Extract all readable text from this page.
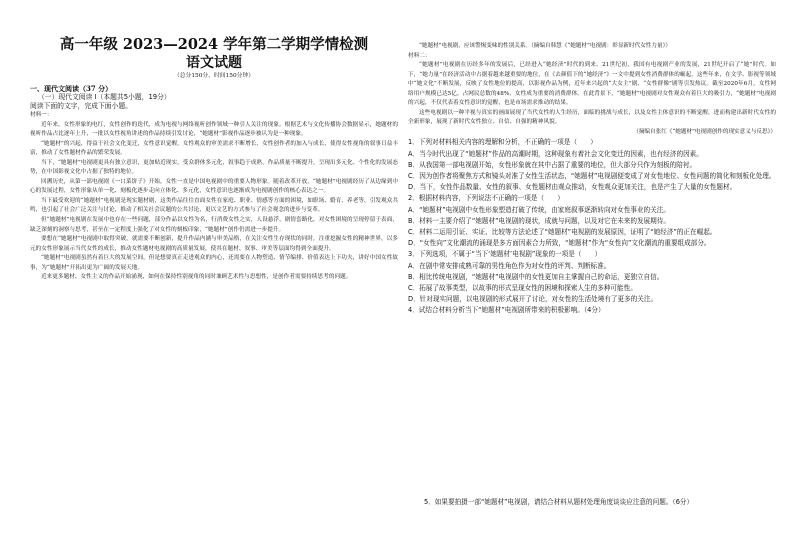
高一年级 2023—2024 学年第二学期学情检测

语文试题

（总分150分，时间150分钟）

一、现代文阅读（37 分）

（一）现代文阅读 I（本题共5小题，19分）

阅读下面的文字，完成下面小题。

材料一：

近年来，女性形象的电红，女性创作的迭代，成为电视与网络视听创作领域一种引人关注的现象。根据艺术与文化传播协会数据显示，她题材的视听作品占比逐年上升，一批以女性视角讲述的作品持续引发讨论，“她题材”影视作品逐步被认为是一种现象。

“她题材”的兴起，得益于社会文化变迁，女性意识觉醒，女性观众的审美需求不断增长，女性创作者的加入与成长，使得女性视角的叙事日益丰富，推动了女性题材作品的繁荣发展。

当下，“她题材”电视剧更具有独立意识，更加贴近现实，受众群体多元化，叙事趋于成熟，作品质量不断提升，呈现出多元化、个性化的发展态势，在中国影视文化中占据了独特的地位。

回溯历史，从第一部电视剧《一口菜饼子》开始，女性一直是中国电视剧中的重要人物形象。随着改革开放，“她题材”电视剧经历了从边缘到中心的发展过程，女性形象从单一化、刻板化逐步走向立体化、多元化，女性意识也逐渐成为电视剧创作的核心表达之一。

当下最受欢迎的“她题材”电视剧是现实题材剧，这类作品往往直面女性在家庭、职业、情感等方面的困境，如职场、婚育、养老等，引发观众共鸣，也引起了社会广泛关注与讨论，推动了相关社会议题的公共讨论，更以文艺的方式参与了社会观念的进步与变革。

但“她题材”电视剧在发展中也存在一些问题，部分作品以女性为名，行消费女性之实，人设悬浮，剧情套路化，对女性困境的呈现停留于表面，缺乏深刻的洞察与思考，甚至在一定程度上强化了对女性的刻板印象，“她题材”创作仍需进一步提升。

要想在“她题材”电视剧中取得突破，就需要不断创新，提升作品内涵与审美品格，在关注女性生存现状的同时，注重挖掘女性的精神世界，以多元的女性形象展示当代女性的成长，推动女性题材电视剧的高质量发展，使其在题材、叙事、审美等层面均得到全面提升。

“她题材”电视剧虽然有着巨大的发展空间，但是想要真正走进观众的内心，还需要在人物塑造、情节编排、价值表达上下功夫，讲好中国女性故事，为“她题材”开拓出更为广阔的发展天地。

近来更多题材、女性主义的作品开始涌现，如何在保持性别视角的同时兼顾艺术性与思想性，是创作者需要持续思考的问题。

“她题材”电视剧，应该警惕变味的性别关系。（摘编自韩慧《“她题材”电视剧：彰显新时代女性力量》）

材料二：

“她题材”电视剧在历经多年的发展后，已经进入“她经济”时代的到来。21世纪初，我国有电视剧产业的发展，21世纪开启了“她”时代。如下，“她力量”在经济活动中占据着越来越重要的地位，在《去颜值下的“她经济”》一文中提到女性消费群体的崛起，这些年来，在文学、影视等领域中“她文化”不断发展，反映了女性地位的提高，以影视作品为例，近年来兴起的“大女主”剧、“女性群像”剧等引发热议。截至2020年6月，女性网络用户规模已达5亿，占网民总数的48%，女性成为重要的消费群体。在此背景下，“她题材”电视剧对女性观众有着巨大的吸引力，“她题材”电视剧的兴起，不仅代表着女性意识的觉醒，也是市场需求推动的结果。

这些电视剧以一种平视与真实的画面展现了当代女性的人生经历，面临的挑战与成长，以及女性主体意识的不断觉醒，进而构建出新时代女性的全新形象，展现了新时代女性独立、自信、自强的精神风貌。

（摘编自张红《“她题材”电视剧创作的现实意义与反思》）

1．下列对材料相关内容的理解和分析，不正确的一项是（　　）

A．当今时代出现了“她题材”作品的高潮时期，这种现象有着社会文化变迁的因素，也有经济的因素。

B．从我国第一部电视剧开始，女性形象就在其中占据了重要的地位，但大部分只作为刻板的陪衬。

C．因为创作者将聚焦方式和镜头对准了女性生活状态，“她题材”电视剧便变成了对女性地位、女性问题的简化和刻板化处理。

D．当下，女性作品数量、女性的叙事、女性题材由观众推动，女性观众更加关注，也是产生了大量的女性题材。

2．根据材料内容，下列说法不正确的一项是（　　）

A．“她题材”电视剧中女性形象塑造打破了传统，由家庭叙事逐渐转向对女性事业的关注。

B．材料一主要介绍了“她题材”电视剧的现状，成就与问题，以及对它在未来的发展期待。

C．材料二运用引证、实证、比较等方法论述了“她题材”电视剧的发展原因，证明了“她经济”的正在崛起。

D．“女性向”文化潮流的涌现是多方面因素合力所致，“她题材”作为“女性向”文化潮流的重要组成部分。

3．下列选项，不属于“当下‘她题材’电视剧”现象的一项是（　　）

A．在剧中常安排成熟可靠的男性角色作为对女性的评判、判断标准。

B．相比传统电视剧，“她题材”电视剧中的女性更加自主掌握自己的命运，更独立自信。

C．拓展了故事类型，以故事的形式呈现女性的困境和探索人生的多种可能性。

D．针对现实问题，以电视剧的形式展开了讨论，对女性的生活处境有了更多的关注。

4．试结合材料分析当下“她题材”电视剧所带来的积极影响。（4分）

5．如果要拍摄一部“她题材”电视剧，请结合材料从题材处理角度谈谈应注意的问题。（6分）
